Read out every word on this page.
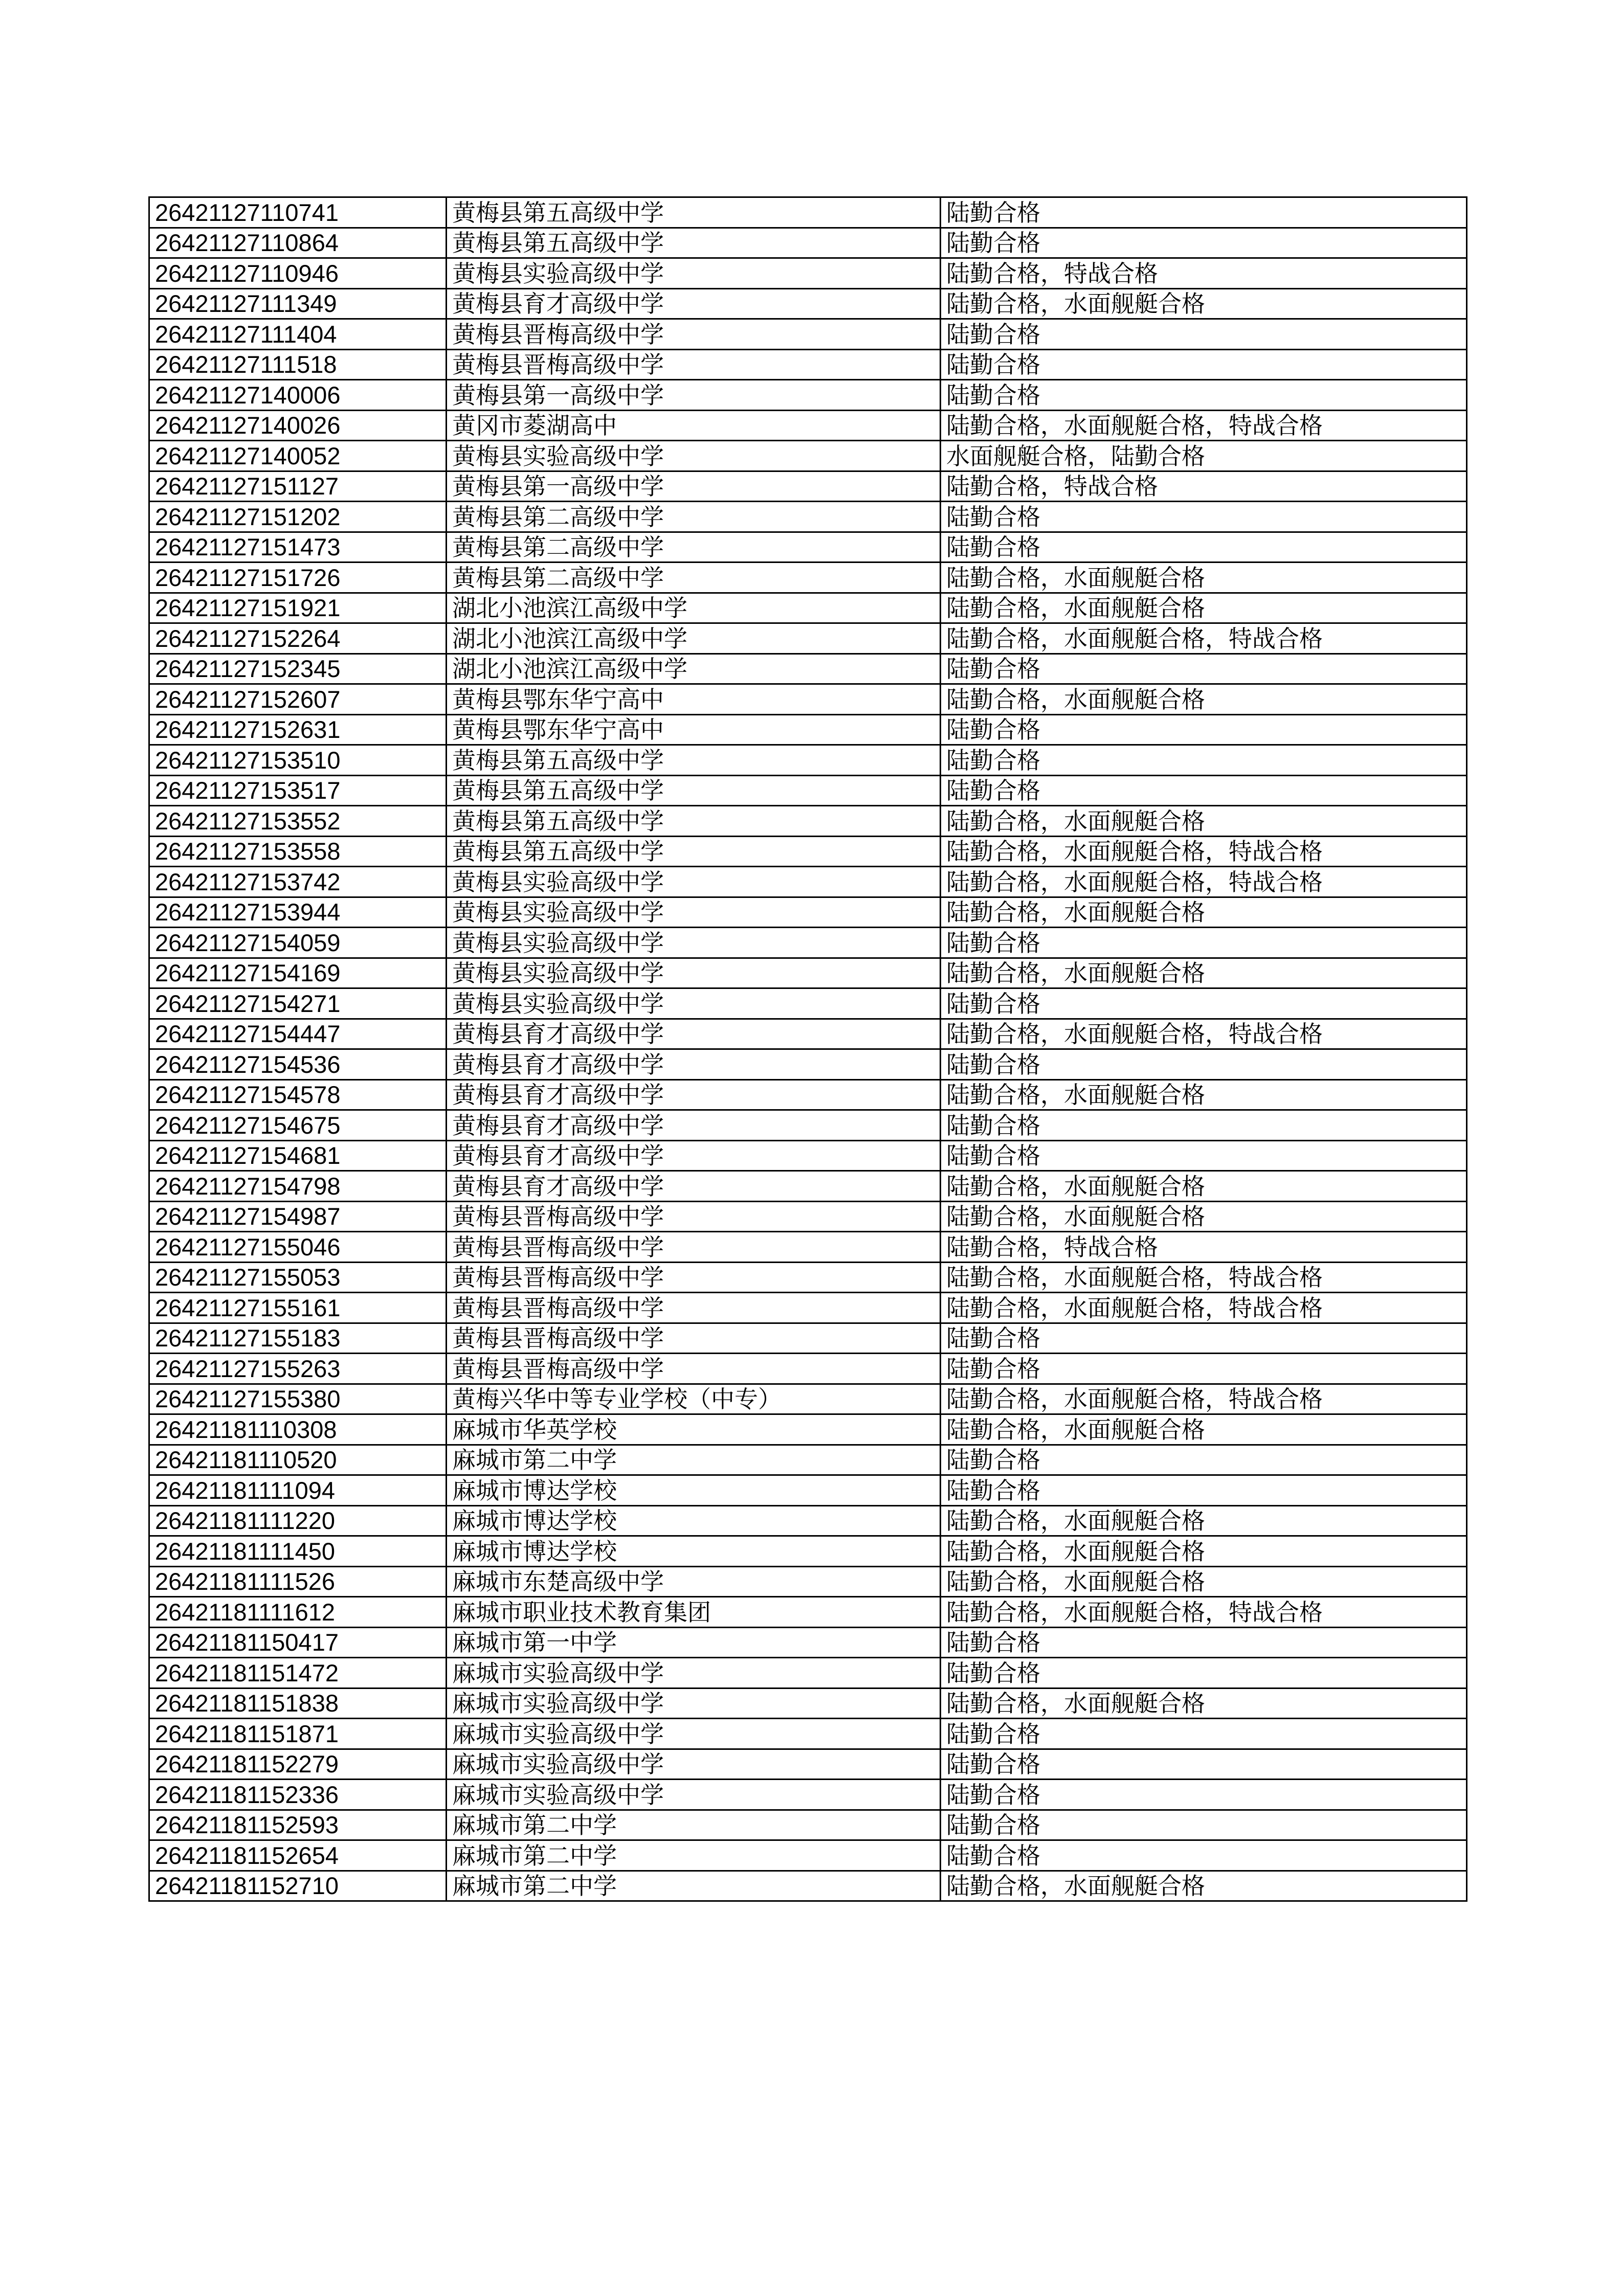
26421127110741	黄梅县第五高级中学	陆勤合格
26421127110864	黄梅县第五高级中学	陆勤合格
26421127110946	黄梅县实验高级中学	陆勤合格，特战合格
26421127111349	黄梅县育才高级中学	陆勤合格，水面舰艇合格
26421127111404	黄梅县晋梅高级中学	陆勤合格
26421127111518	黄梅县晋梅高级中学	陆勤合格
26421127140006	黄梅县第一高级中学	陆勤合格
26421127140026	黄冈市菱湖高中	陆勤合格，水面舰艇合格，特战合格
26421127140052	黄梅县实验高级中学	水面舰艇合格，陆勤合格
26421127151127	黄梅县第一高级中学	陆勤合格，特战合格
26421127151202	黄梅县第二高级中学	陆勤合格
26421127151473	黄梅县第二高级中学	陆勤合格
26421127151726	黄梅县第二高级中学	陆勤合格，水面舰艇合格
26421127151921	湖北小池滨江高级中学	陆勤合格，水面舰艇合格
26421127152264	湖北小池滨江高级中学	陆勤合格，水面舰艇合格，特战合格
26421127152345	湖北小池滨江高级中学	陆勤合格
26421127152607	黄梅县鄂东华宁高中	陆勤合格，水面舰艇合格
26421127152631	黄梅县鄂东华宁高中	陆勤合格
26421127153510	黄梅县第五高级中学	陆勤合格
26421127153517	黄梅县第五高级中学	陆勤合格
26421127153552	黄梅县第五高级中学	陆勤合格，水面舰艇合格
26421127153558	黄梅县第五高级中学	陆勤合格，水面舰艇合格，特战合格
26421127153742	黄梅县实验高级中学	陆勤合格，水面舰艇合格，特战合格
26421127153944	黄梅县实验高级中学	陆勤合格，水面舰艇合格
26421127154059	黄梅县实验高级中学	陆勤合格
26421127154169	黄梅县实验高级中学	陆勤合格，水面舰艇合格
26421127154271	黄梅县实验高级中学	陆勤合格
26421127154447	黄梅县育才高级中学	陆勤合格，水面舰艇合格，特战合格
26421127154536	黄梅县育才高级中学	陆勤合格
26421127154578	黄梅县育才高级中学	陆勤合格，水面舰艇合格
26421127154675	黄梅县育才高级中学	陆勤合格
26421127154681	黄梅县育才高级中学	陆勤合格
26421127154798	黄梅县育才高级中学	陆勤合格，水面舰艇合格
26421127154987	黄梅县晋梅高级中学	陆勤合格，水面舰艇合格
26421127155046	黄梅县晋梅高级中学	陆勤合格，特战合格
26421127155053	黄梅县晋梅高级中学	陆勤合格，水面舰艇合格，特战合格
26421127155161	黄梅县晋梅高级中学	陆勤合格，水面舰艇合格，特战合格
26421127155183	黄梅县晋梅高级中学	陆勤合格
26421127155263	黄梅县晋梅高级中学	陆勤合格
26421127155380	黄梅兴华中等专业学校（中专）	陆勤合格，水面舰艇合格，特战合格
26421181110308	麻城市华英学校	陆勤合格，水面舰艇合格
26421181110520	麻城市第二中学	陆勤合格
26421181111094	麻城市博达学校	陆勤合格
26421181111220	麻城市博达学校	陆勤合格，水面舰艇合格
26421181111450	麻城市博达学校	陆勤合格，水面舰艇合格
26421181111526	麻城市东楚高级中学	陆勤合格，水面舰艇合格
26421181111612	麻城市职业技术教育集团	陆勤合格，水面舰艇合格，特战合格
26421181150417	麻城市第一中学	陆勤合格
26421181151472	麻城市实验高级中学	陆勤合格
26421181151838	麻城市实验高级中学	陆勤合格，水面舰艇合格
26421181151871	麻城市实验高级中学	陆勤合格
26421181152279	麻城市实验高级中学	陆勤合格
26421181152336	麻城市实验高级中学	陆勤合格
26421181152593	麻城市第二中学	陆勤合格
26421181152654	麻城市第二中学	陆勤合格
26421181152710	麻城市第二中学	陆勤合格，水面舰艇合格
